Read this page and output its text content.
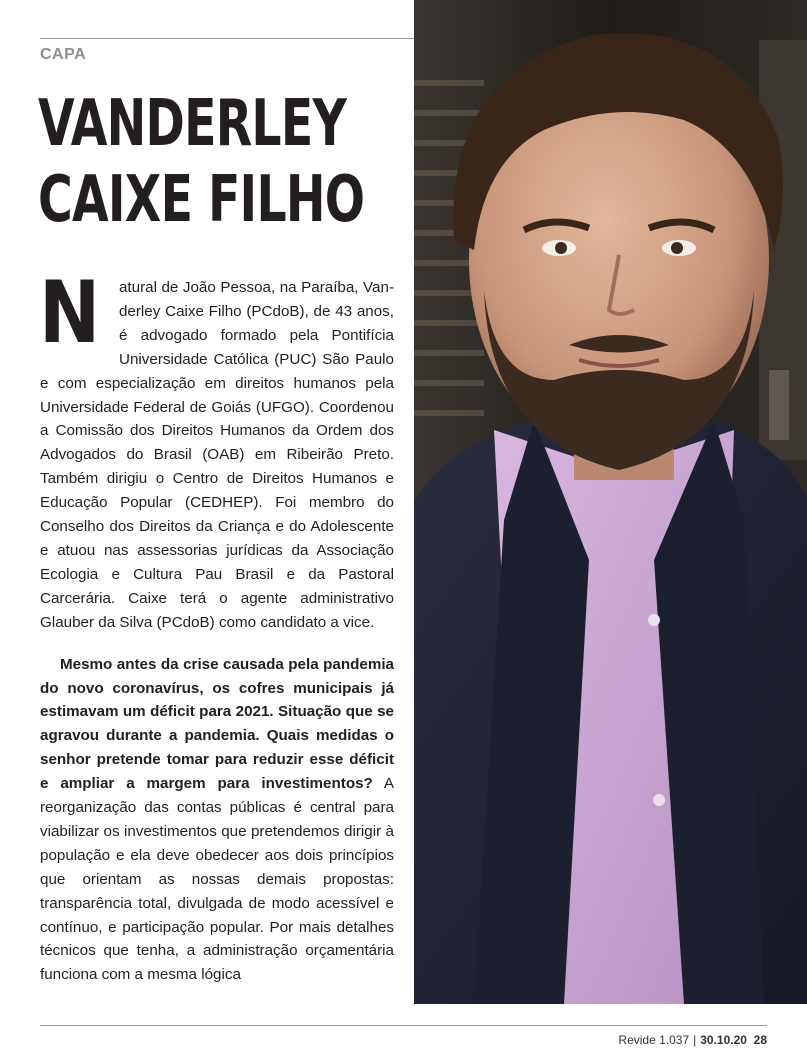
CAPA
VANDERLEY
CAIXE FILHO

N atural de João Pessoa, na Paraíba, Vanderley Caixe Filho (PCdoB), de 43 anos, é advogado formado pela Pontifícia Universidade Católica (PUC) São Paulo e com especialização em direitos humanos pela Universidade Federal de Goiás (UFGO). Coordenou a Comissão dos Direitos Humanos da Ordem dos Advogados do Brasil (OAB) em Ribeirão Preto. Também dirigiu o Centro de Direitos Humanos e Educação Popular (CEDHEP). Foi membro do Conselho dos Direitos da Criança e do Adolescente e atuou nas assessorias jurídicas da Associação Ecologia e Cultura Pau Brasil e da Pastoral Carcerária. Caixe terá o agente administrativo Glauber da Silva (PCdoB) como candidato a vice.

Mesmo antes da crise causada pela pandemia do novo coronavírus, os cofres municipais já estimavam um déficit para 2021. Situação que se agravou durante a pandemia. Quais medidas o senhor pretende tomar para reduzir esse déficit e ampliar a margem para investimentos? A reorganização das contas públicas é central para viabilizar os investimentos que pretendemos dirigir à população e ela deve obedecer aos dois princípios que orientam as nossas demais propostas: transparência total, divulgada de modo acessível e contínuo, e participação popular. Por mais detalhes técnicos que tenha, a administração orçamentária funciona com a mesma lógica

Revide 1.037 | 30.10.20 28
